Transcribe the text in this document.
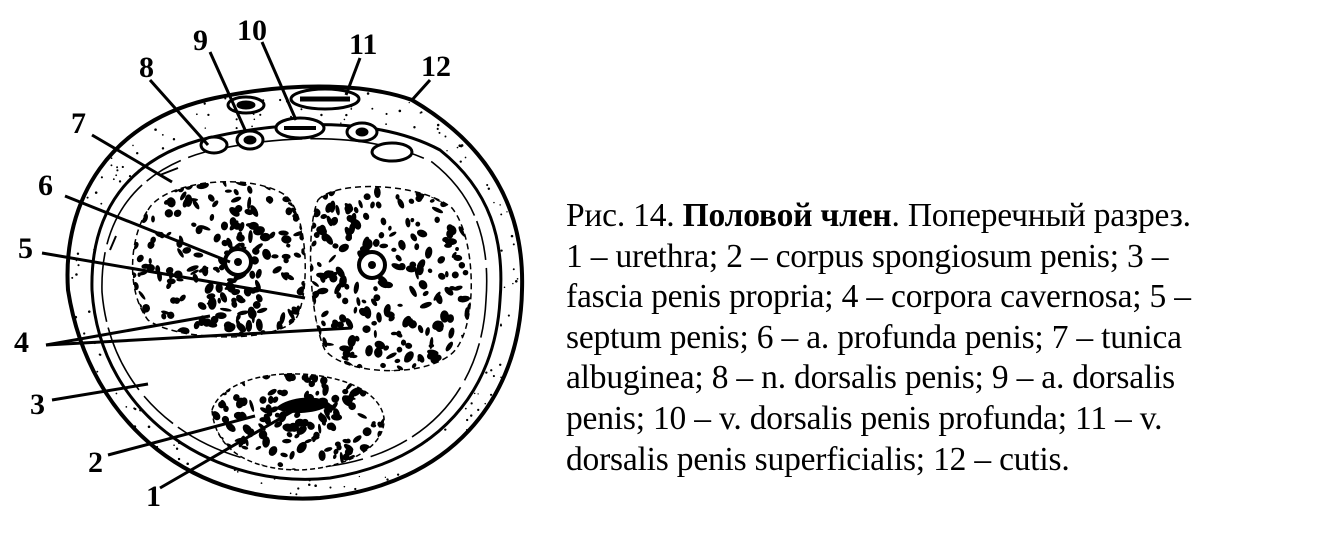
8
9 10	11
12
7
6
5
4
3
2
1
Рис. 14. Половой член. Поперечный разрез.
1 – urethra; 2 – corpus spongiosum penis; 3 –
fascia penis propria; 4 – corpora cavernosa; 5 –
septum penis; 6 – a. profunda penis; 7 – tunica
albuginea; 8 – n. dorsalis penis; 9 – a. dorsalis
penis; 10 – v. dorsalis penis profunda; 11 – v.
dorsalis penis superficialis; 12 – cutis.
